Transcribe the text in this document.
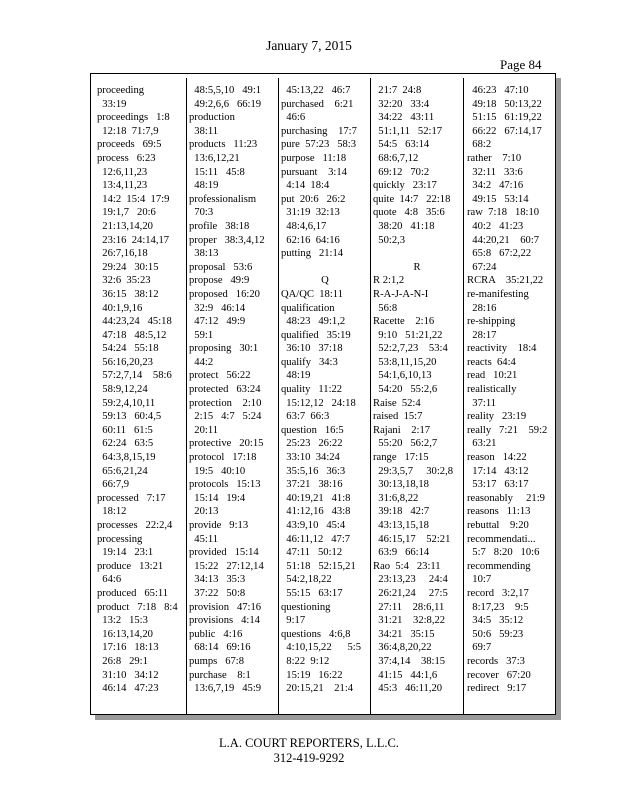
January 7, 2015
Page 84
proceeding
33:19
proceedings   1:8
12:18  71:7,9
proceeds   69:5
process   6:23
12:6,11,23
13:4,11,23
14:2  15:4  17:9
19:1,7   20:6
21:13,14,20
23:16  24:14,17
26:7,16,18
29:24   30:15
32:6  35:23
36:15   38:12
40:1,9,16
44:23,24   45:18
47:18   48:5,12
54:24   55:18
56:16,20,23
57:2,7,14    58:6
58:9,12,24
59:2,4,10,11
59:13   60:4,5
60:11   61:5
62:24   63:5
64:3,8,15,19
65:6,21,24
66:7,9
processed   7:17
18:12
processes   22:2,4
processing
19:14   23:1
produce   13:21
64:6
produced   65:11
product   7:18   8:4
13:2   15:3
16:13,14,20
17:16   18:13
26:8   29:1
31:10   34:12
46:14   47:23
48:5,5,10   49:1
49:2,6,6   66:19
production
38:11
products   11:23
13:6,12,21
15:11   45:8
48:19
professionalism
70:3
profile   38:18
proper   38:3,4,12
38:13
proposal   53:6
propose   49:9
proposed   16:20
32:9   46:14
47:12   49:9
59:1
proposing   30:1
44:2
protect   56:22
protected   63:24
protection    2:10
2:15   4:7   5:24
20:11
protective   20:15
protocol   17:18
19:5   40:10
protocols   15:13
15:14   19:4
20:13
provide   9:13
45:11
provided   15:14
15:22   27:12,14
34:13   35:3
37:22   50:8
provision   47:16
provisions   4:14
public   4:16
68:14   69:16
pumps   67:8
purchase    8:1
13:6,7,19   45:9
45:13,22   46:7
purchased    6:21
46:6
purchasing    17:7
pure  57:23   58:3
purpose   11:18
pursuant    3:14
4:14  18:4
put  20:6   26:2
31:19  32:13
48:4,6,17
62:16  64:16
putting   21:14
Q
QA/QC  18:11
qualification
48:23   49:1,2
qualified   35:19
36:10   37:18
qualify   34:3
48:19
quality   11:22
15:12,12   24:18
63:7  66:3
question   16:5
25:23   26:22
33:10  34:24
35:5,16   36:3
37:21   38:16
40:19,21   41:8
41:12,16   43:8
43:9,10   45:4
46:11,12   47:7
47:11   50:12
51:18   52:15,21
54:2,18,22
55:15   63:17
questioning
9:17
questions   4:6,8
4:10,15,22      5:5
8:22  9:12
15:19   16:22
20:15,21    21:4
21:7  24:8
32:20   33:4
34:22   43:11
51:1,11   52:17
54:5   63:14
68:6,7,12
69:12   70:2
quickly   23:17
quite  14:7   22:18
quote   4:8   35:6
38:20   41:18
50:2,3
R
R 2:1,2
R-A-J-A-N-I
56:8
Racette    2:16
9:10   51:21,22
52:2,7,23    53:4
53:8,11,15,20
54:1,6,10,13
54:20   55:2,6
Raise  52:4
raised  15:7
Rajani    2:17
55:20   56:2,7
range   17:15
29:3,5,7     30:2,8
30:13,18,18
31:6,8,22
39:18   42:7
43:13,15,18
46:15,17    52:21
63:9   66:14
Rao  5:4   23:11
23:13,23     24:4
26:21,24     27:5
27:11    28:6,11
31:21    32:8,22
34:21   35:15
36:4,8,20,22
37:4,14    38:15
41:15   44:1,6
45:3   46:11,20
46:23   47:10
49:18   50:13,22
51:15   61:19,22
66:22   67:14,17
68:2
rather    7:10
32:11   33:6
34:2   47:16
49:15   53:14
raw  7:18   18:10
40:2   41:23
44:20,21    60:7
65:8   67:2,22
67:24
RCRA    35:21,22
re-manifesting
28:16
re-shipping
28:17
reactivity    18:4
reacts  64:4
read   10:21
realistically
37:11
reality   23:19
really   7:21    59:2
63:21
reason   14:22
17:14   43:12
53:17   63:17
reasonably     21:9
reasons   11:13
rebuttal    9:20
recommendati...
5:7   8:20   10:6
recommending
10:7
record   3:2,17
8:17,23    9:5
34:5   35:12
50:6   59:23
69:7
records   37:3
recover   67:20
redirect   9:17
L.A. COURT REPORTERS, L.L.C.
312-419-9292
